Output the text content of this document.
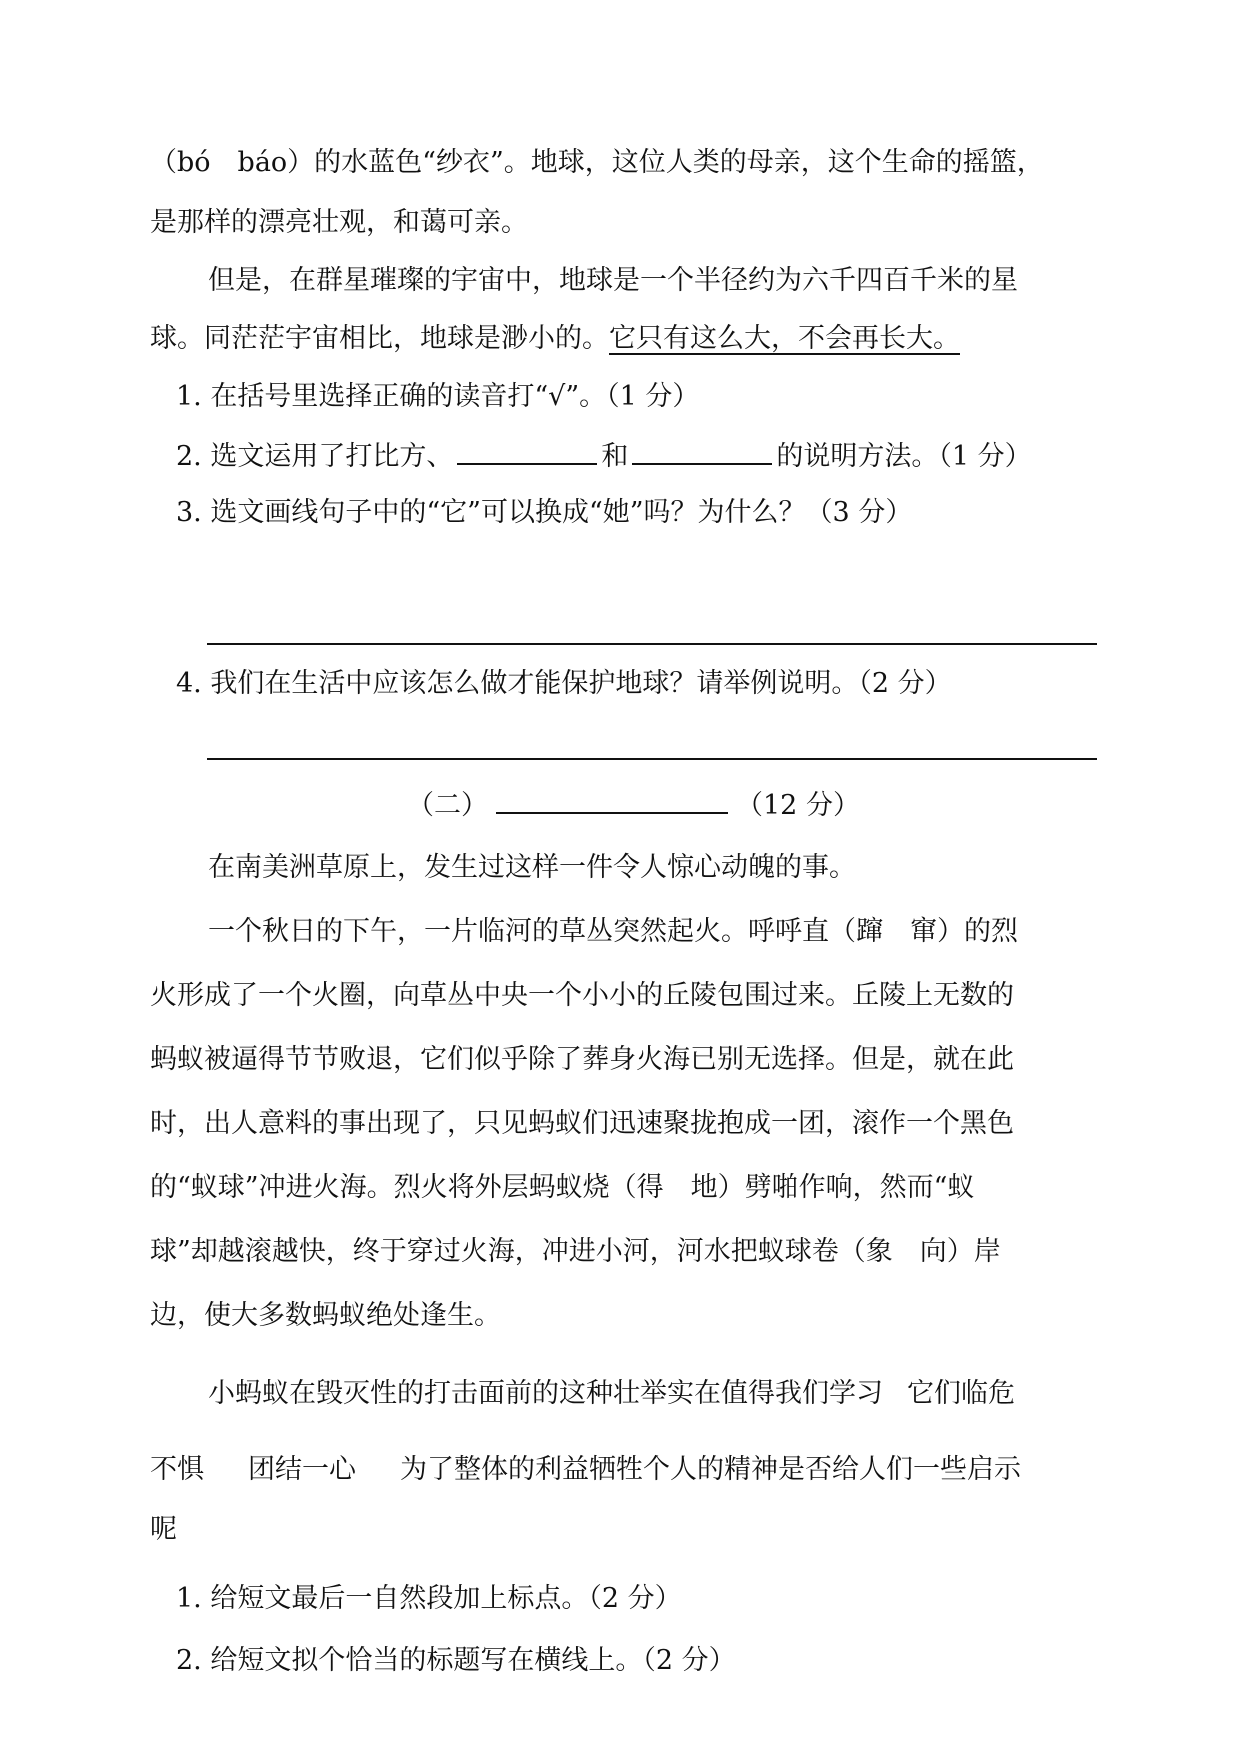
（bó　báo）的水蓝色“纱衣”。地球，这位人类的母亲，这个生命的摇篮，
是那样的漂亮壮观，和蔼可亲。
但是，在群星璀璨的宇宙中，地球是一个半径约为六千四百千米的星
球。同茫茫宇宙相比，地球是渺小的。它只有这么大，不会再长大。
1. 在括号里选择正确的读音打“√”。（1 分）
2. 选文运用了打比方、	和	的说明方法。（1 分）
3. 选文画线句子中的“它”可以换成“她”吗？为什么？（3 分）
4. 我们在生活中应该怎么做才能保护地球？请举例说明。（2 分）
（二）	（12 分）
在南美洲草原上，发生过这样一件令人惊心动魄的事。
一个秋日的下午，一片临河的草丛突然起火。呼呼直（蹿　窜）的烈
火形成了一个火圈，向草丛中央一个小小的丘陵包围过来。丘陵上无数的
蚂蚁被逼得节节败退，它们似乎除了葬身火海已别无选择。但是，就在此
时，出人意料的事出现了，只见蚂蚁们迅速聚拢抱成一团，滚作一个黑色
的“蚁球”冲进火海。烈火将外层蚂蚁烧（得　地）劈啪作响，然而“蚁
球”却越滚越快，终于穿过火海，冲进小河，河水把蚁球卷（象　向）岸
边，使大多数蚂蚁绝处逢生。
小蚂蚁在毁灭性的打击面前的这种壮举实在值得我们学习 它们临危
不惧 团结一心 为了整体的利益牺牲个人的精神是否给人们一些启示
呢
1. 给短文最后一自然段加上标点。（2 分）
2. 给短文拟个恰当的标题写在横线上。（2 分）
